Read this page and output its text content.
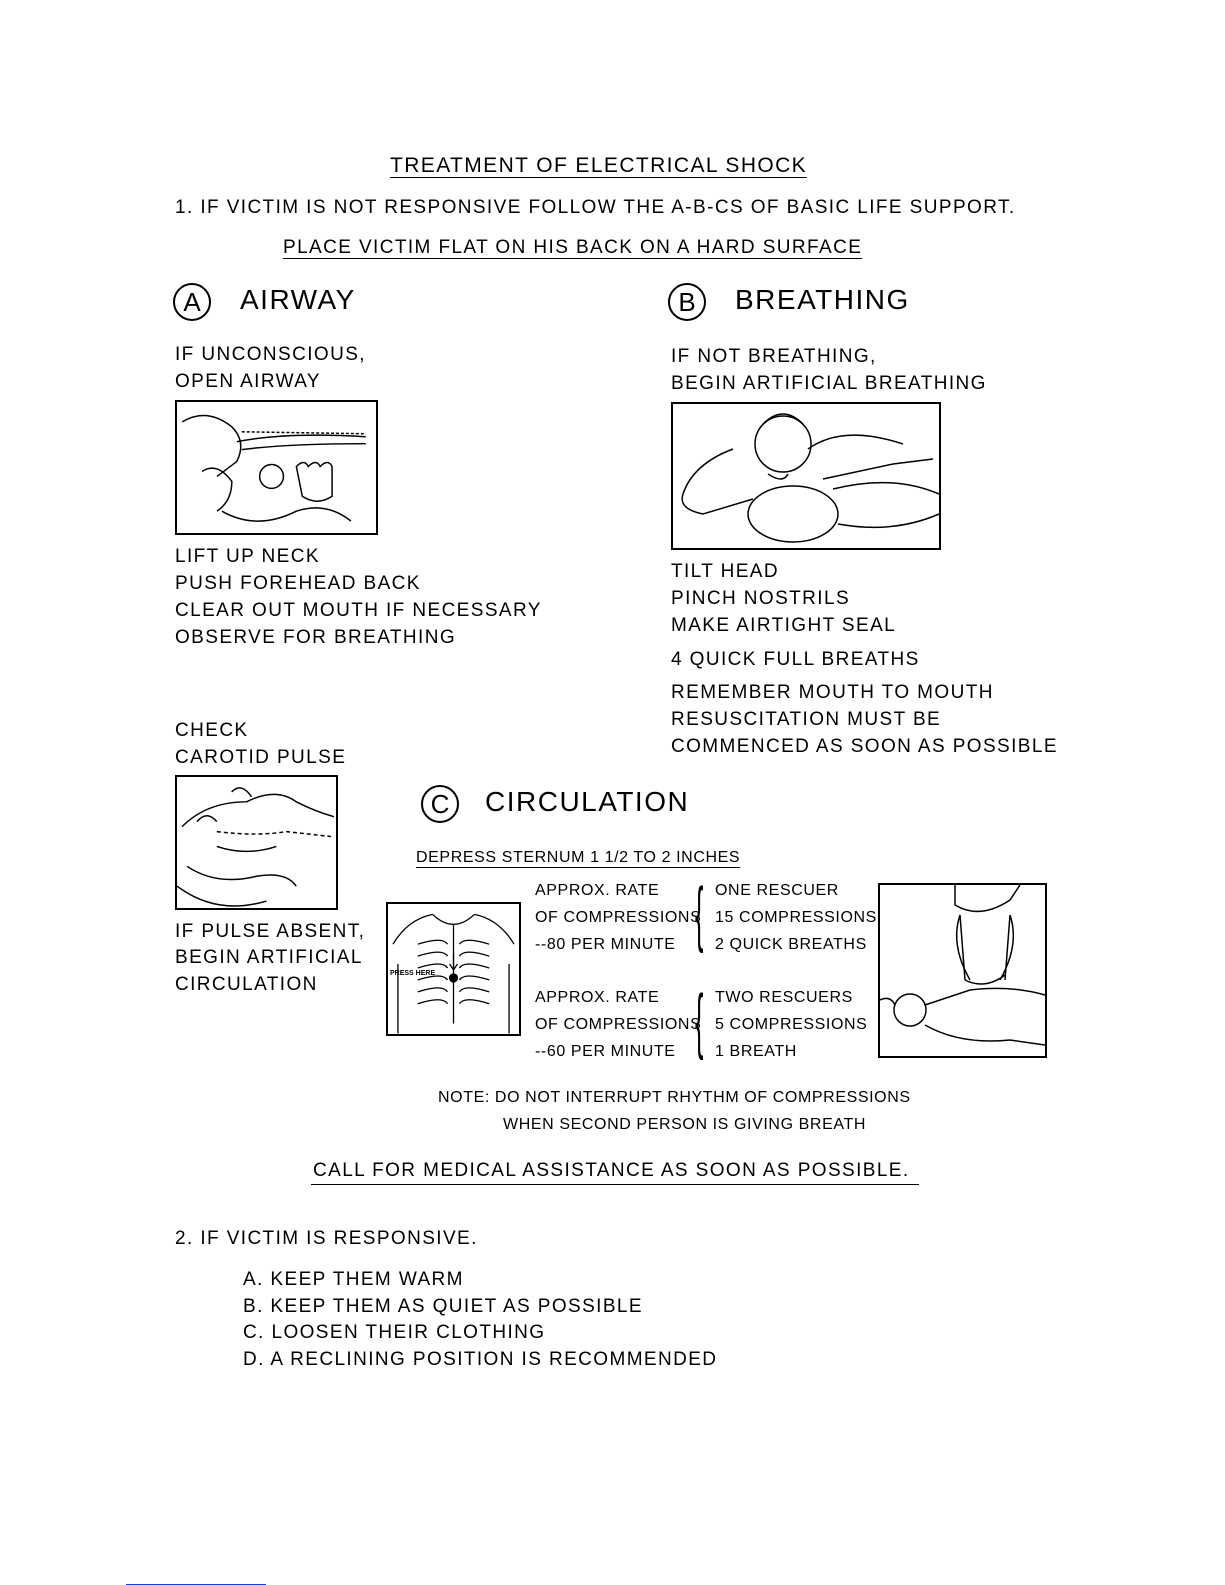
TREATMENT OF ELECTRICAL SHOCK
1. IF VICTIM IS NOT RESPONSIVE FOLLOW THE A-B-CS OF BASIC LIFE SUPPORT.
PLACE VICTIM FLAT ON HIS BACK ON A HARD SURFACE
A	AIRWAY
IF UNCONSCIOUS,
OPEN AIRWAY
LIFT UP NECK
PUSH FOREHEAD BACK
CLEAR OUT MOUTH IF NECESSARY
OBSERVE FOR BREATHING
CHECK
CAROTID PULSE
IF PULSE ABSENT,
BEGIN ARTIFICIAL
CIRCULATION
B	BREATHING
IF NOT BREATHING,
BEGIN ARTIFICIAL BREATHING
TILT HEAD
PINCH NOSTRILS
MAKE AIRTIGHT SEAL
4 QUICK FULL BREATHS
REMEMBER MOUTH TO MOUTH
RESUSCITATION MUST BE
COMMENCED AS SOON AS POSSIBLE
C	CIRCULATION
DEPRESS STERNUM 1 1/2 TO 2 INCHES
PRESS HERE
APPROX. RATE
OF COMPRESSIONS
--80 PER MINUTE { ONE RESCUER
15 COMPRESSIONS
2 QUICK BREATHS
APPROX. RATE
OF COMPRESSIONS
--60 PER MINUTE { TWO RESCUERS
5 COMPRESSIONS
1 BREATH
NOTE: DO NOT INTERRUPT RHYTHM OF COMPRESSIONS
WHEN SECOND PERSON IS GIVING BREATH
CALL FOR MEDICAL ASSISTANCE AS SOON AS POSSIBLE.
2. IF VICTIM IS RESPONSIVE.
A. KEEP THEM WARM
B. KEEP THEM AS QUIET AS POSSIBLE
C. LOOSEN THEIR CLOTHING
D. A RECLINING POSITION IS RECOMMENDED
